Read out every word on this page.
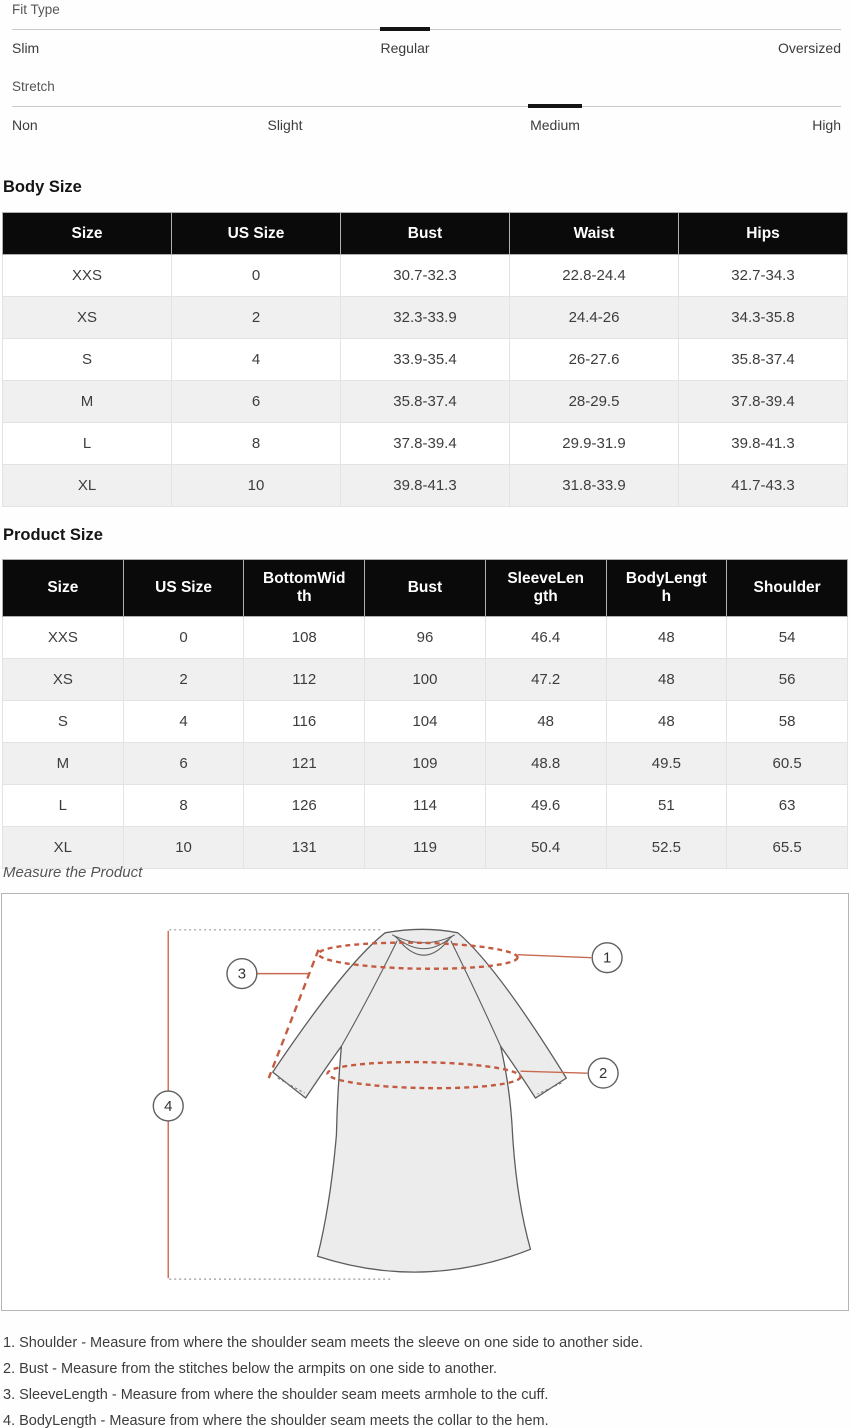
Fit Type
Slim	Regular	Oversized
Stretch
Non	Slight	Medium	High
Body Size
Size	US Size	Bust	Waist	Hips
XXS	0	30.7-32.3	22.8-24.4	32.7-34.3
XS	2	32.3-33.9	24.4-26	34.3-35.8
S	4	33.9-35.4	26-27.6	35.8-37.4
M	6	35.8-37.4	28-29.5	37.8-39.4
L	8	37.8-39.4	29.9-31.9	39.8-41.3
XL	10	39.8-41.3	31.8-33.9	41.7-43.3
Product Size
Size	US Size	BottomWidth	Bust	SleeveLength	BodyLength	Shoulder
XXS	0	108	96	46.4	48	54
XS	2	112	100	47.2	48	56
S	4	116	104	48	48	58
M	6	121	109	48.8	49.5	60.5
L	8	126	114	49.6	51	63
XL	10	131	119	50.4	52.5	65.5
Measure the Product
1
2
3
4
1. Shoulder - Measure from where the shoulder seam meets the sleeve on one side to another side.
2. Bust - Measure from the stitches below the armpits on one side to another.
3. SleeveLength - Measure from where the shoulder seam meets armhole to the cuff.
4. BodyLength - Measure from where the shoulder seam meets the collar to the hem.
